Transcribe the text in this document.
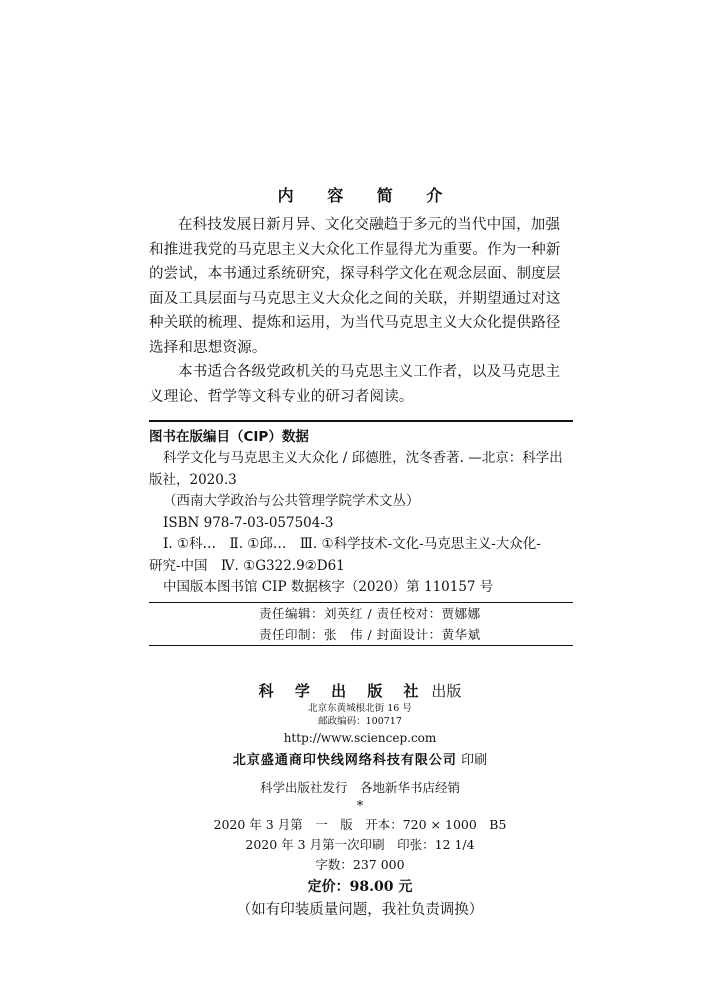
内 容 简 介

在科技发展日新月异、文化交融趋于多元的当代中国，加强和推进我党的马克思主义大众化工作显得尤为重要。作为一种新的尝试，本书通过系统研究，探寻科学文化在观念层面、制度层面及工具层面与马克思主义大众化之间的关联，并期望通过对这种关联的梳理、提炼和运用，为当代马克思主义大众化提供路径选择和思想资源。

本书适合各级党政机关的马克思主义工作者，以及马克思主义理论、哲学等文科专业的研习者阅读。

图书在版编目（CIP）数据
科学文化与马克思主义大众化 / 邱德胜，沈冬香著. —北京：科学出
版社，2020.3
（西南大学政治与公共管理学院学术文丛）
ISBN 978-7-03-057504-3
Ⅰ. ①科…　Ⅱ. ①邱…　Ⅲ. ①科学技术-文化-马克思主义-大众化-
研究-中国　Ⅳ. ①G322.9②D61
中国版本图书馆 CIP 数据核字（2020）第 110157 号
责任编辑：刘英红 / 责任校对：贾娜娜
责任印制：张　伟 / 封面设计：黄华斌
科 学 出 版 社 出版
北京东黄城根北街 16 号
邮政编码：100717
http://www.sciencep.com
北京盛通商印快线网络科技有限公司 印刷
科学出版社发行　各地新华书店经销
*
2020 年 3 月第　一　版　开本：720 × 1000　B5
2020 年 3 月第一次印刷　印张：12 1/4
字数：237 000
定价：98.00 元
（如有印装质量问题，我社负责调换）
